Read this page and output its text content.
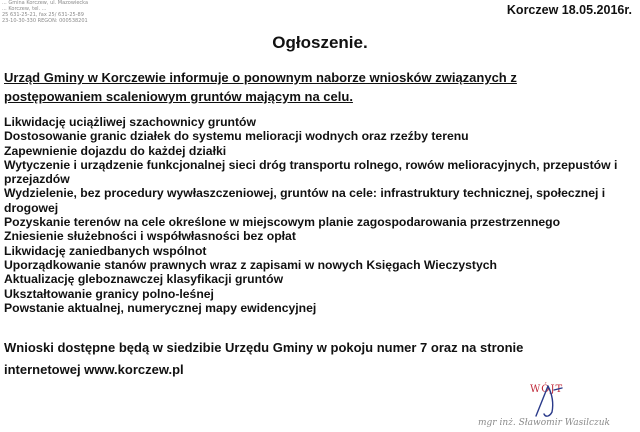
... Gmina Korczew, ul. Mazowiecka
... Korczew, tel. ...
25 631-25-21, fax 25/ 631-25-89
23-10-30-330 REGON: 000538201
Korczew 18.05.2016r.
Ogłoszenie.
Urząd Gminy w Korczewie informuje o ponownym naborze wniosków związanych z
postępowaniem scaleniowym gruntów mającym na celu.
Likwidację uciążliwej szachownicy gruntów
Dostosowanie granic działek do systemu melioracji wodnych oraz rzeźby terenu
Zapewnienie dojazdu do każdej działki
Wytyczenie i urządzenie funkcjonalnej sieci dróg transportu rolnego, rowów melioracyjnych, przepustów i przejazdów
Wydzielenie, bez procedury wywłaszczeniowej, gruntów na cele: infrastruktury technicznej, społecznej i drogowej
Pozyskanie terenów na cele określone w miejscowym planie zagospodarowania przestrzennego
Zniesienie służebności i współwłasności bez opłat
Likwidację zaniedbanych wspólnot
Uporządkowanie stanów prawnych wraz z zapisami w nowych Księgach Wieczystych
Aktualizację gleboznawczej klasyfikacji gruntów
Ukształtowanie granicy polno-leśnej
Powstanie aktualnej, numerycznej mapy ewidencyjnej
Wnioski dostępne będą w siedzibie Urzędu Gminy w pokoju numer 7 oraz na stronie
internetowej www.korczew.pl
WÓJT
mgr inż. Sławomir Wasilczuk
